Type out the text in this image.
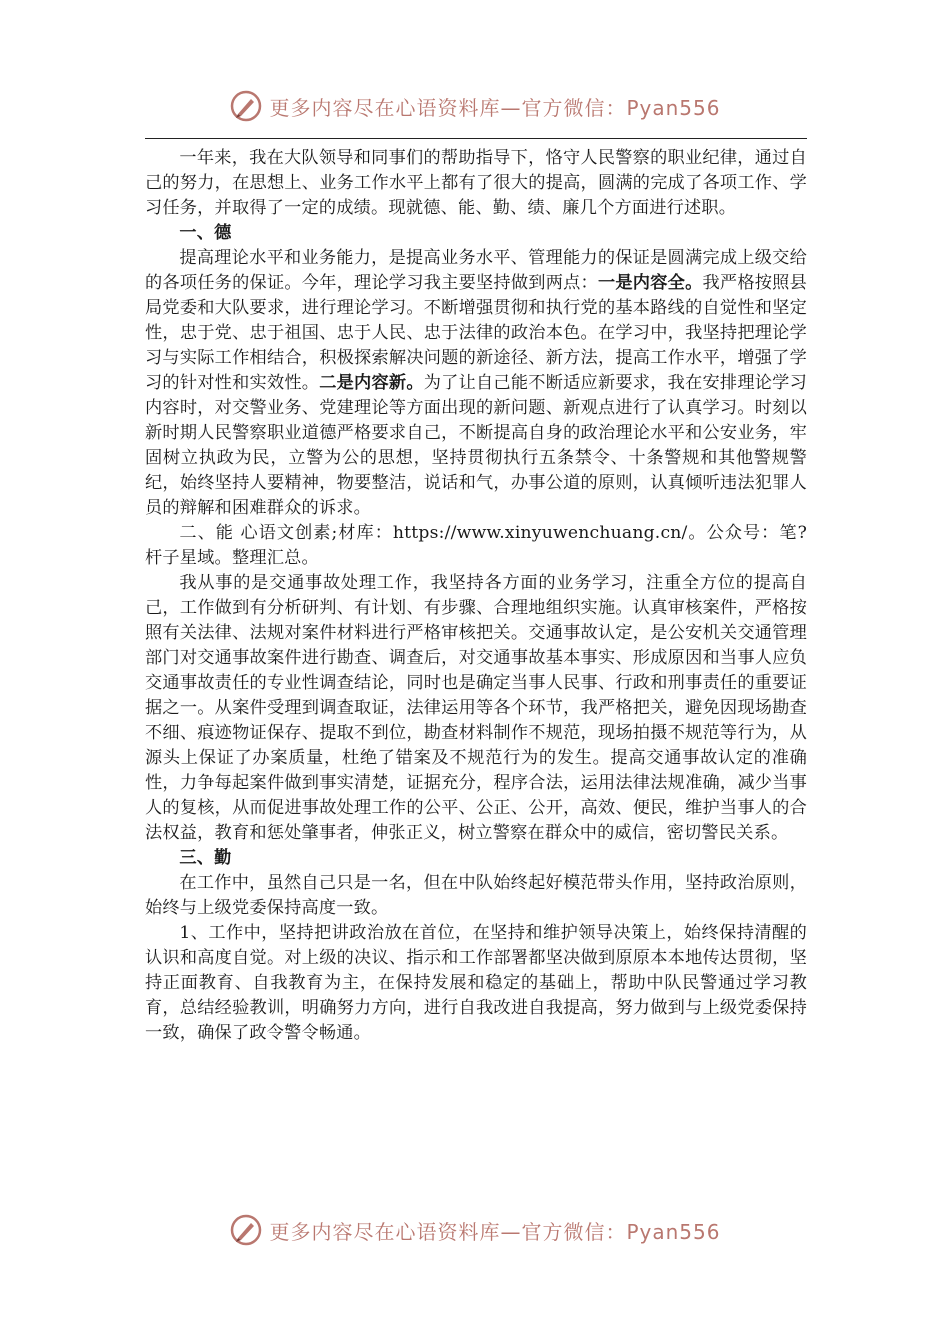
更多内容尽在心语资料库—官方微信：Pyan556

一年来，我在大队领导和同事们的帮助指导下，恪守人民警察的职业纪律，通过自己的努力，在思想上、业务工作水平上都有了很大的提高，圆满的完成了各项工作、学习任务，并取得了一定的成绩。现就德、能、勤、绩、廉几个方面进行述职。

一、德

提高理论水平和业务能力，是提高业务水平、管理能力的保证是圆满完成上级交给的各项任务的保证。今年，理论学习我主要坚持做到两点：一是内容全。我严格按照县局党委和大队要求，进行理论学习。不断增强贯彻和执行党的基本路线的自觉性和坚定性，忠于党、忠于祖国、忠于人民、忠于法律的政治本色。在学习中，我坚持把理论学习与实际工作相结合，积极探索解决问题的新途径、新方法，提高工作水平，增强了学习的针对性和实效性。二是内容新。为了让自己能不断适应新要求，我在安排理论学习内容时，对交警业务、党建理论等方面出现的新问题、新观点进行了认真学习。时刻以新时期人民警察职业道德严格要求自己，不断提高自身的政治理论水平和公安业务，牢固树立执政为民，立警为公的思想，坚持贯彻执行五条禁令、十条警规和其他警规警纪，始终坚持人要精神，物要整洁，说话和气，办事公道的原则，认真倾听违法犯罪人员的辩解和困难群众的诉求。

二、能 心语文创素;材库：https://www.xinyuwenchuang.cn/。公众号：笔?杆子星域。整理汇总。

我从事的是交通事故处理工作，我坚持各方面的业务学习，注重全方位的提高自己，工作做到有分析研判、有计划、有步骤、合理地组织实施。认真审核案件，严格按照有关法律、法规对案件材料进行严格审核把关。交通事故认定，是公安机关交通管理部门对交通事故案件进行勘查、调查后，对交通事故基本事实、形成原因和当事人应负交通事故责任的专业性调查结论，同时也是确定当事人民事、行政和刑事责任的重要证据之一。从案件受理到调查取证，法律运用等各个环节，我严格把关，避免因现场勘查不细、痕迹物证保存、提取不到位，勘查材料制作不规范，现场拍摄不规范等行为，从源头上保证了办案质量，杜绝了错案及不规范行为的发生。提高交通事故认定的准确性，力争每起案件做到事实清楚，证据充分，程序合法，运用法律法规准确，减少当事人的复核，从而促进事故处理工作的公平、公正、公开，高效、便民，维护当事人的合法权益，教育和惩处肇事者，伸张正义，树立警察在群众中的威信，密切警民关系。

三、勤

在工作中，虽然自己只是一名，但在中队始终起好模范带头作用，坚持政治原则，始终与上级党委保持高度一致。

1、工作中，坚持把讲政治放在首位，在坚持和维护领导决策上，始终保持清醒的认识和高度自觉。对上级的决议、指示和工作部署都坚决做到原原本本地传达贯彻，坚持正面教育、自我教育为主，在保持发展和稳定的基础上，帮助中队民警通过学习教育，总结经验教训，明确努力方向，进行自我改进自我提高，努力做到与上级党委保持一致，确保了政令警令畅通。

更多内容尽在心语资料库—官方微信：Pyan556
